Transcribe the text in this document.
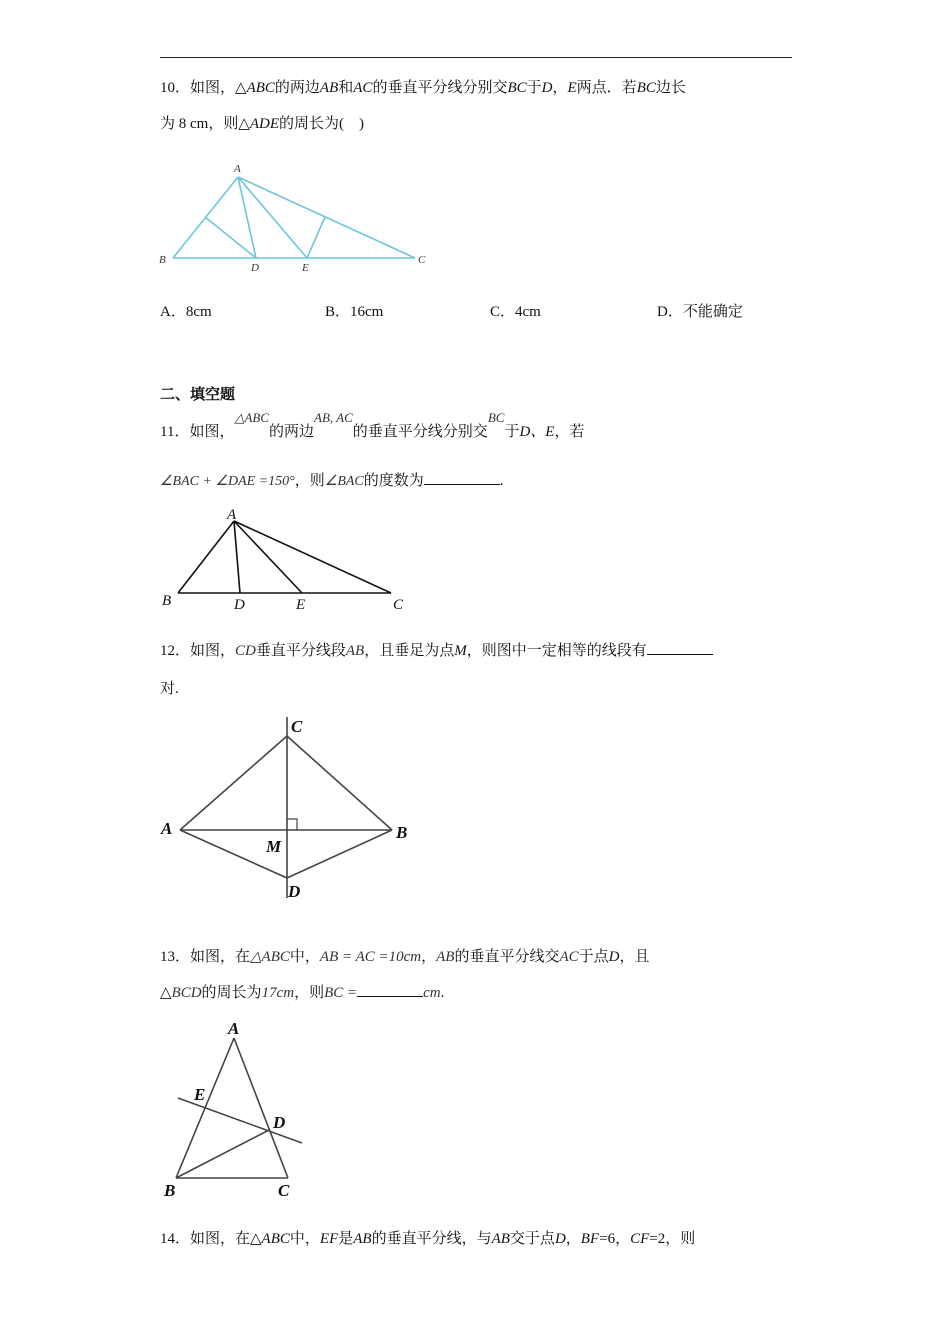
10．如图，△ABC的两边AB和AC的垂直平分线分别交BC于D，E两点．若BC边长
为 8 cm，则△ADE的周长为(　)
A
B
D	E
C
A．8cm	B．16cm	C．4cm	D．不能确定
二、填空题
11．如图，△ABC的两边AB, AC的垂直平分线分别交BC于D、E，若
∠BAC + ∠DAE =150°，则∠BAC的度数为	.
A
B	D	E	C
12．如图，CD垂直平分线段AB，且垂足为点M，则图中一定相等的线段有
对.
C
A	B
M
D
13．如图，在△ABC中，AB = AC =10cm，AB的垂直平分线交AC于点D，且
△BCD的周长为17cm，则BC =	cm.
A
E
D
B	C
14．如图，在△ABC中，EF是AB的垂直平分线，与AB交于点D，BF=6，CF=2，则
